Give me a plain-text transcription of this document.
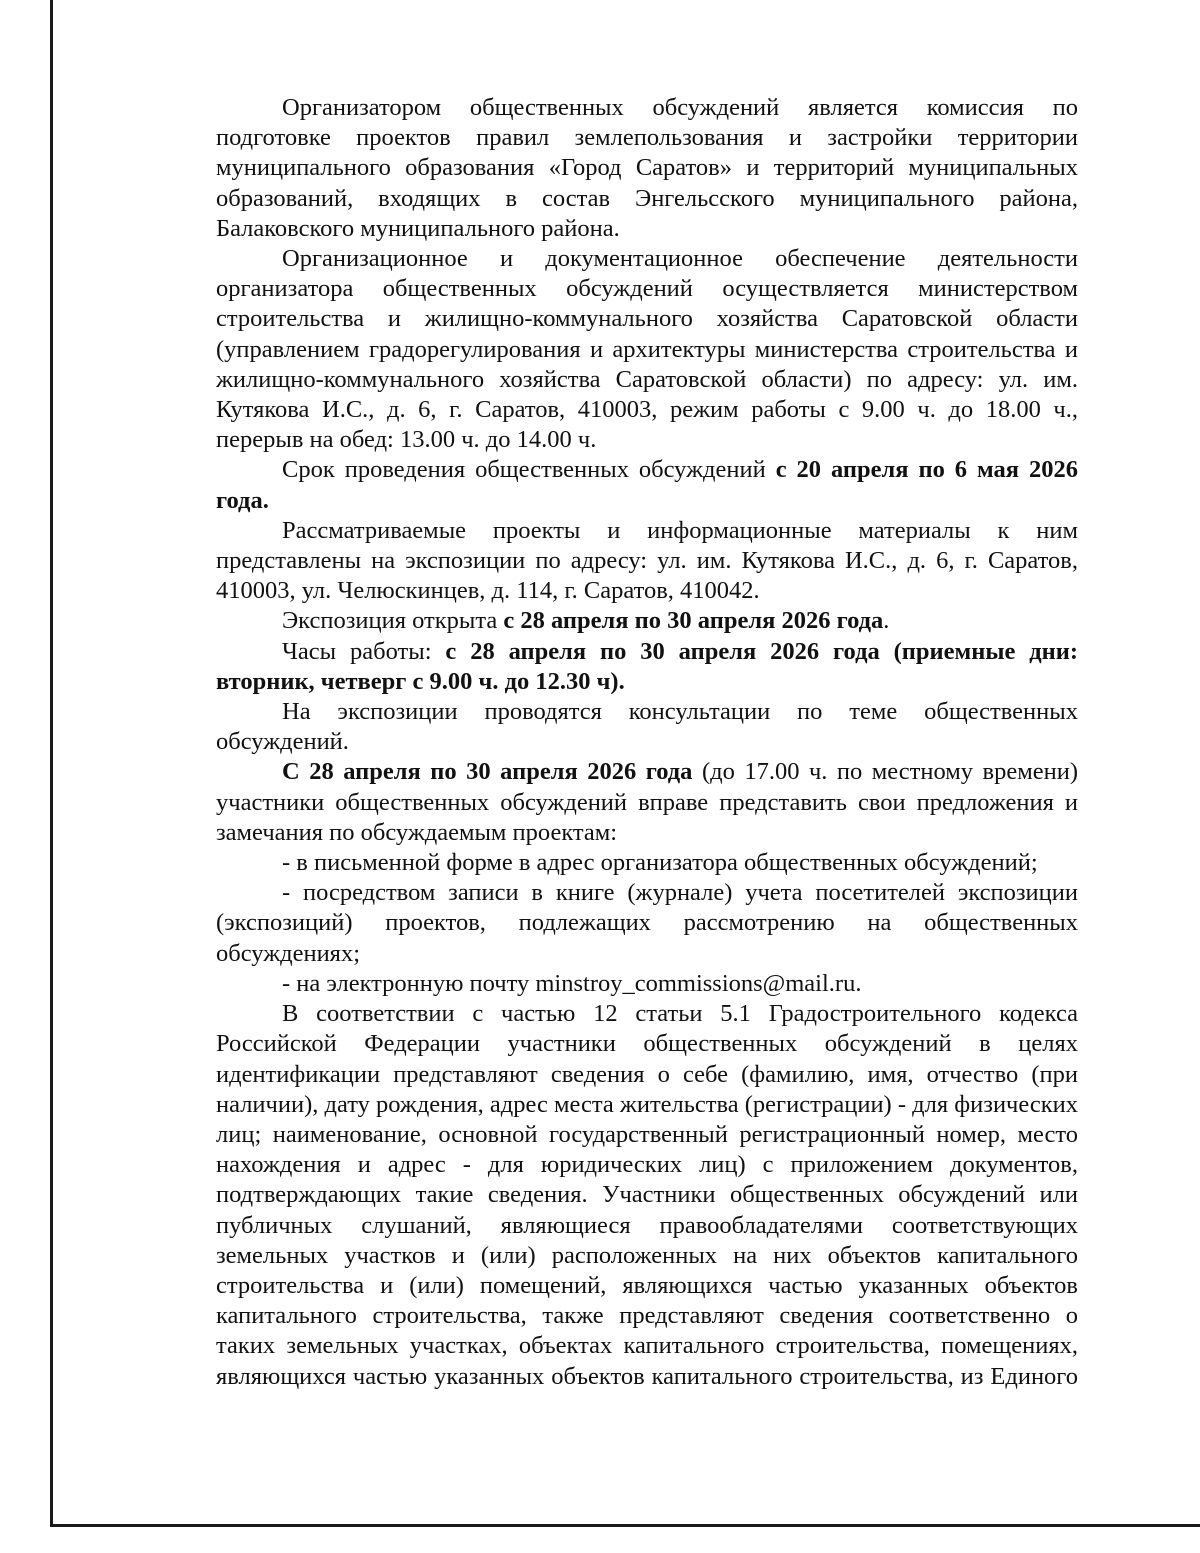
Организатором общественных обсуждений является комиссия по подготовке проектов правил землепользования и застройки территории муниципального образования «Город Саратов» и территорий муниципальных образований, входящих в состав Энгельсского муниципального района, Балаковского муниципального района.

Организационное и документационное обеспечение деятельности организатора общественных обсуждений осуществляется министерством строительства и жилищно-коммунального хозяйства Саратовской области (управлением градорегулирования и архитектуры министерства строительства и жилищно-коммунального хозяйства Саратовской области) по адресу: ул. им. Кутякова И.С., д. 6, г. Саратов, 410003, режим работы с 9.00 ч. до 18.00 ч., перерыв на обед: 13.00 ч. до 14.00 ч.

Срок проведения общественных обсуждений с 20 апреля по 6 мая 2026 года.

Рассматриваемые проекты и информационные материалы к ним представлены на экспозиции по адресу: ул. им. Кутякова И.С., д. 6, г. Саратов, 410003, ул. Челюскинцев, д. 114, г. Саратов, 410042.

Экспозиция открыта с 28 апреля по 30 апреля 2026 года.

Часы работы: с 28 апреля по 30 апреля 2026 года (приемные дни: вторник, четверг с 9.00 ч. до 12.30 ч).

На экспозиции проводятся консультации по теме общественных обсуждений.

С 28 апреля по 30 апреля 2026 года (до 17.00 ч. по местному времени) участники общественных обсуждений вправе представить свои предложения и замечания по обсуждаемым проектам:

- в письменной форме в адрес организатора общественных обсуждений;

- посредством записи в книге (журнале) учета посетителей экспозиции (экспозиций) проектов, подлежащих рассмотрению на общественных обсуждениях;

- на электронную почту minstroy_commissions@mail.ru.

В соответствии с частью 12 статьи 5.1 Градостроительного кодекса Российской Федерации участники общественных обсуждений в целях идентификации представляют сведения о себе (фамилию, имя, отчество (при наличии), дату рождения, адрес места жительства (регистрации) - для физических лиц; наименование, основной государственный регистрационный номер, место нахождения и адрес - для юридических лиц) с приложением документов, подтверждающих такие сведения. Участники общественных обсуждений или публичных слушаний, являющиеся правообладателями соответствующих земельных участков и (или) расположенных на них объектов капитального строительства и (или) помещений, являющихся частью указанных объектов капитального строительства, также представляют сведения соответственно о таких земельных участках, объектах капитального строительства, помещениях, являющихся частью указанных объектов капитального строительства, из Единого
